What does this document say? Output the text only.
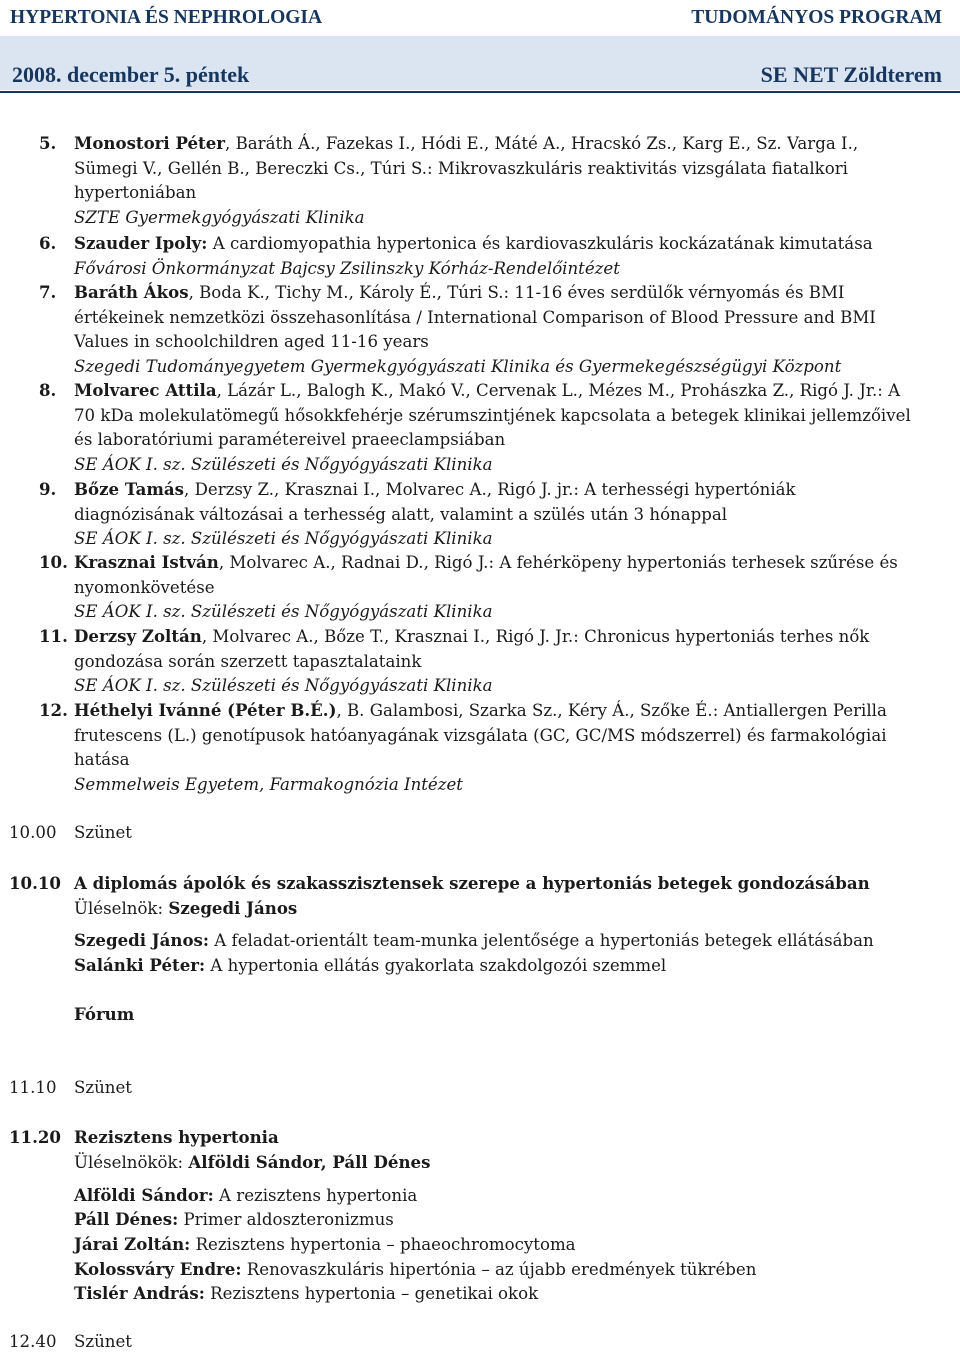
HYPERTONIA ÉS NEPHROLOGIA	TUDOMÁNYOS PROGRAM
2008. december 5. péntek	SE NET Zöldterem
5. Monostori Péter, Baráth Á., Fazekas I., Hódi E., Máté A., Hracskó Zs., Karg E., Sz. Varga I., Sümegi V., Gellén B., Bereczki Cs., Túri S.: Mikrovaszkuláris reaktivitás vizsgálata fiatalkori hypertoniában
SZTE Gyermekgyógyászati Klinika
6. Szauder Ipoly: A cardiomyopathia hypertonica és kardiovaszkuláris kockázatának kimutatása
Fővárosi Önkormányzat Bajcsy Zsilinszky Kórház-Rendelőintézet
7. Baráth Ákos, Boda K., Tichy M., Károly É., Túri S.: 11-16 éves serdülők vérnyomás és BMI értékeinek nemzetközi összehasonlítása / International Comparison of Blood Pressure and BMI Values in schoolchildren aged 11-16 years
Szegedi Tudományegyetem Gyermekgyógyászati Klinika és Gyermekegészségügyi Központ
8. Molvarec Attila, Lázár L., Balogh K., Makó V., Cervenak L., Mézes M., Prohászka Z., Rigó J. Jr.: A 70 kDa molekulatömegű hősokkfehérje szérumszintjének kapcsolata a betegek klinikai jellemzőivel és laboratóriumi paramétereivel praeeclampsiában
SE ÁOK I. sz. Szülészeti és Nőgyógyászati Klinika
9. Bőze Tamás, Derzsy Z., Krasznai I., Molvarec A., Rigó J. jr.: A terhességi hypertóniák diagnózisának változásai a terhesség alatt, valamint a szülés után 3 hónappal
SE ÁOK I. sz. Szülészeti és Nőgyógyászati Klinika
10. Krasznai István, Molvarec A., Radnai D., Rigó J.: A fehérköpeny hypertoniás terhesek szűrése és nyomonkövetése
SE ÁOK I. sz. Szülészeti és Nőgyógyászati Klinika
11. Derzsy Zoltán, Molvarec A., Bőze T., Krasznai I., Rigó J. Jr.: Chronicus hypertoniás terhes nők gondozása során szerzett tapasztalataink
SE ÁOK I. sz. Szülészeti és Nőgyógyászati Klinika
12. Héthelyi Ivánné (Péter B.É.), B. Galambosi, Szarka Sz., Kéry Á., Szőke É.: Antiallergen Perilla frutescens (L.) genotípusok hatóanyagának vizsgálata (GC, GC/MS módszerrel) és farmakológiai hatása
Semmelweis Egyetem, Farmakognózia Intézet
10.00 Szünet
10.10 A diplomás ápolók és szakasszisztensek szerepe a hypertoniás betegek gondozásában
Üléselnök: Szegedi János
Szegedi János: A feladat-orientált team-munka jelentősége a hypertoniás betegek ellátásában
Salánki Péter: A hypertonia ellátás gyakorlata szakdolgozói szemmel
Fórum
11.10 Szünet
11.20 Rezisztens hypertonia
Üléselnökök: Alföldi Sándor, Páll Dénes
Alföldi Sándor: A rezisztens hypertonia
Páll Dénes: Primer aldoszteronizmus
Járai Zoltán: Rezisztens hypertonia – phaeochromocytoma
Kolossváry Endre: Renovaszkuláris hipertónia – az újabb eredmények tükrében
Tislér András: Rezisztens hypertonia – genetikai okok
12.40 Szünet
